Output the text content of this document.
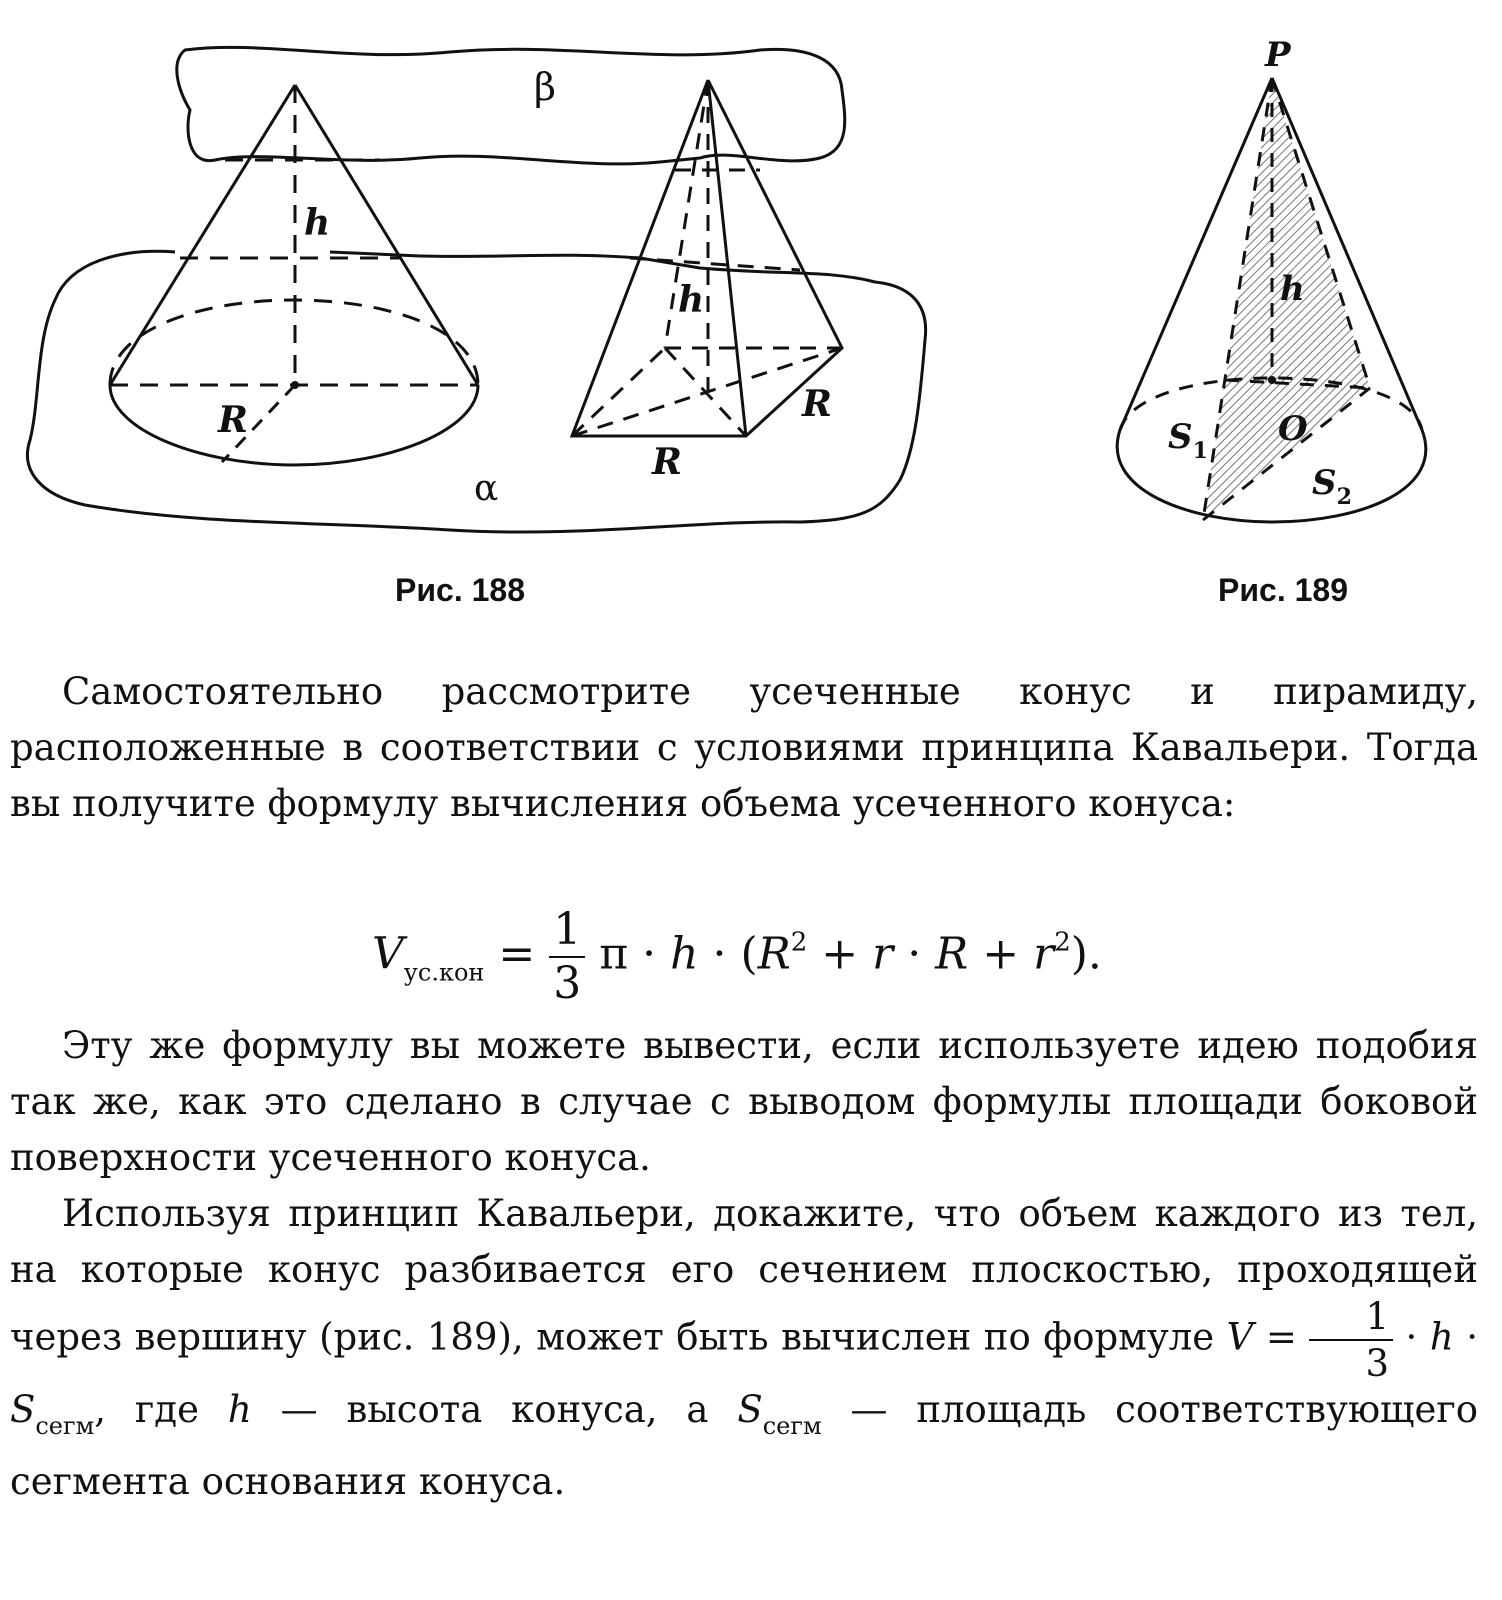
β
α
h
R
h
R
R
P
h
O
$S_1$
$S_2$
Рис. 188	Рис. 189

Самостоятельно рассмотрите усеченные конус и пирамиду, расположенные в соответствии с условиями принципа Кавальери. Тогда вы получите формулу вычисления объема усеченного конуса:

$V_{ус.кон} = \frac{1}{3}$ $\pi \cdot h \cdot (R^2 + r \cdot R + r^2)$.

Эту же формулу вы можете вывести, если используете идею подобия так же, как это сделано в случае с выводом формулы площади боковой поверхности усеченного конуса.

Используя принцип Кавальери, докажите, что объем каждого из тел, на которые конус разбивается его сечением плоскостью, проходящей через вершину (рис. 189), может быть вычислен по формуле $V = \frac{1}{3} \cdot h \cdot S_{сегм}$, где h — высота конуса, а $S_{сегм}$ — площадь соответствующего сегмента основания конуса.
